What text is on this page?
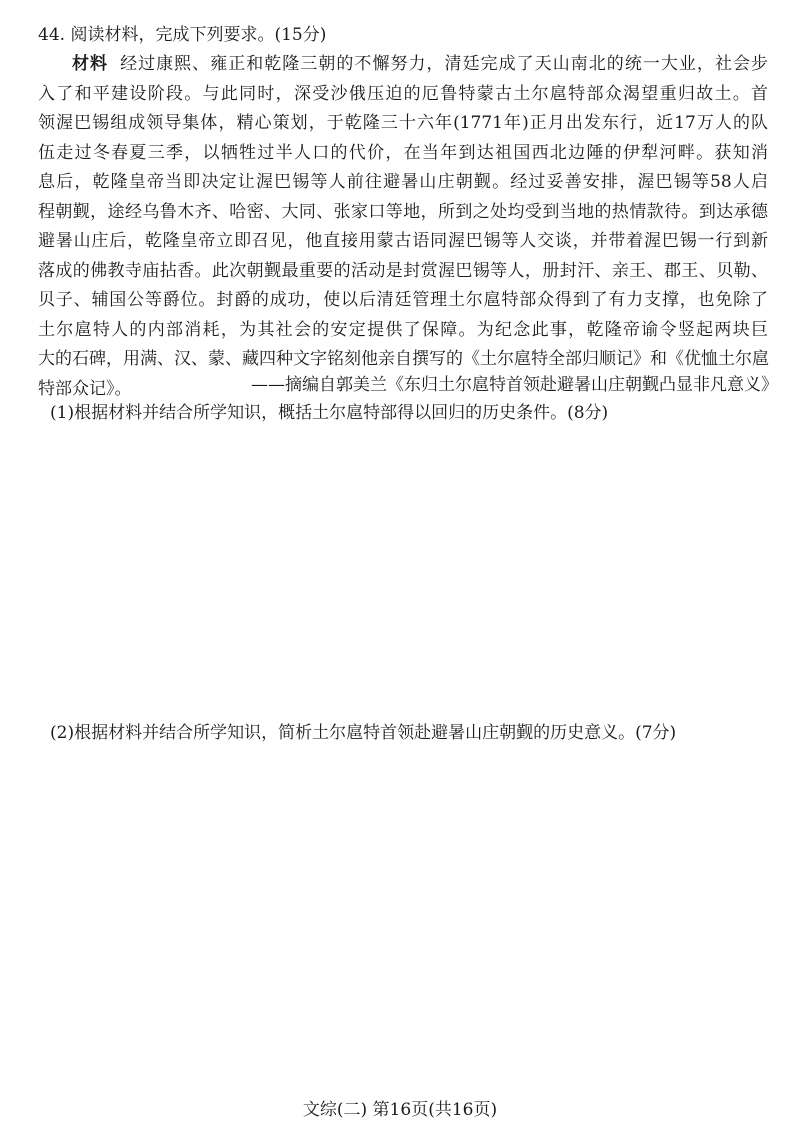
44. 阅读材料，完成下列要求。(15分)
材料 经过康熙、雍正和乾隆三朝的不懈努力，清廷完成了天山南北的统一大业，社会步
入了和平建设阶段。与此同时，深受沙俄压迫的厄鲁特蒙古土尔扈特部众渴望重归故土。首
领渥巴锡组成领导集体，精心策划，于乾隆三十六年(1771年)正月出发东行，近17万人的队
伍走过冬春夏三季，以牺牲过半人口的代价，在当年到达祖国西北边陲的伊犁河畔。获知消
息后，乾隆皇帝当即决定让渥巴锡等人前往避暑山庄朝觐。经过妥善安排，渥巴锡等58人启
程朝觐，途经乌鲁木齐、哈密、大同、张家口等地，所到之处均受到当地的热情款待。到达承德
避暑山庄后，乾隆皇帝立即召见，他直接用蒙古语同渥巴锡等人交谈，并带着渥巴锡一行到新
落成的佛教寺庙拈香。此次朝觐最重要的活动是封赏渥巴锡等人，册封汗、亲王、郡王、贝勒、
贝子、辅国公等爵位。封爵的成功，使以后清廷管理土尔扈特部众得到了有力支撑，也免除了
土尔扈特人的内部消耗，为其社会的安定提供了保障。为纪念此事，乾隆帝谕令竖起两块巨
大的石碑，用满、汉、蒙、藏四种文字铭刻他亲自撰写的《土尔扈特全部归顺记》和《优恤土尔扈
特部众记》。	——摘编自郭美兰《东归土尔扈特首领赴避暑山庄朝觐凸显非凡意义》
(1)根据材料并结合所学知识，概括土尔扈特部得以回归的历史条件。(8分)
(2)根据材料并结合所学知识，简析土尔扈特首领赴避暑山庄朝觐的历史意义。(7分)
文综(二) 第16页(共16页)
